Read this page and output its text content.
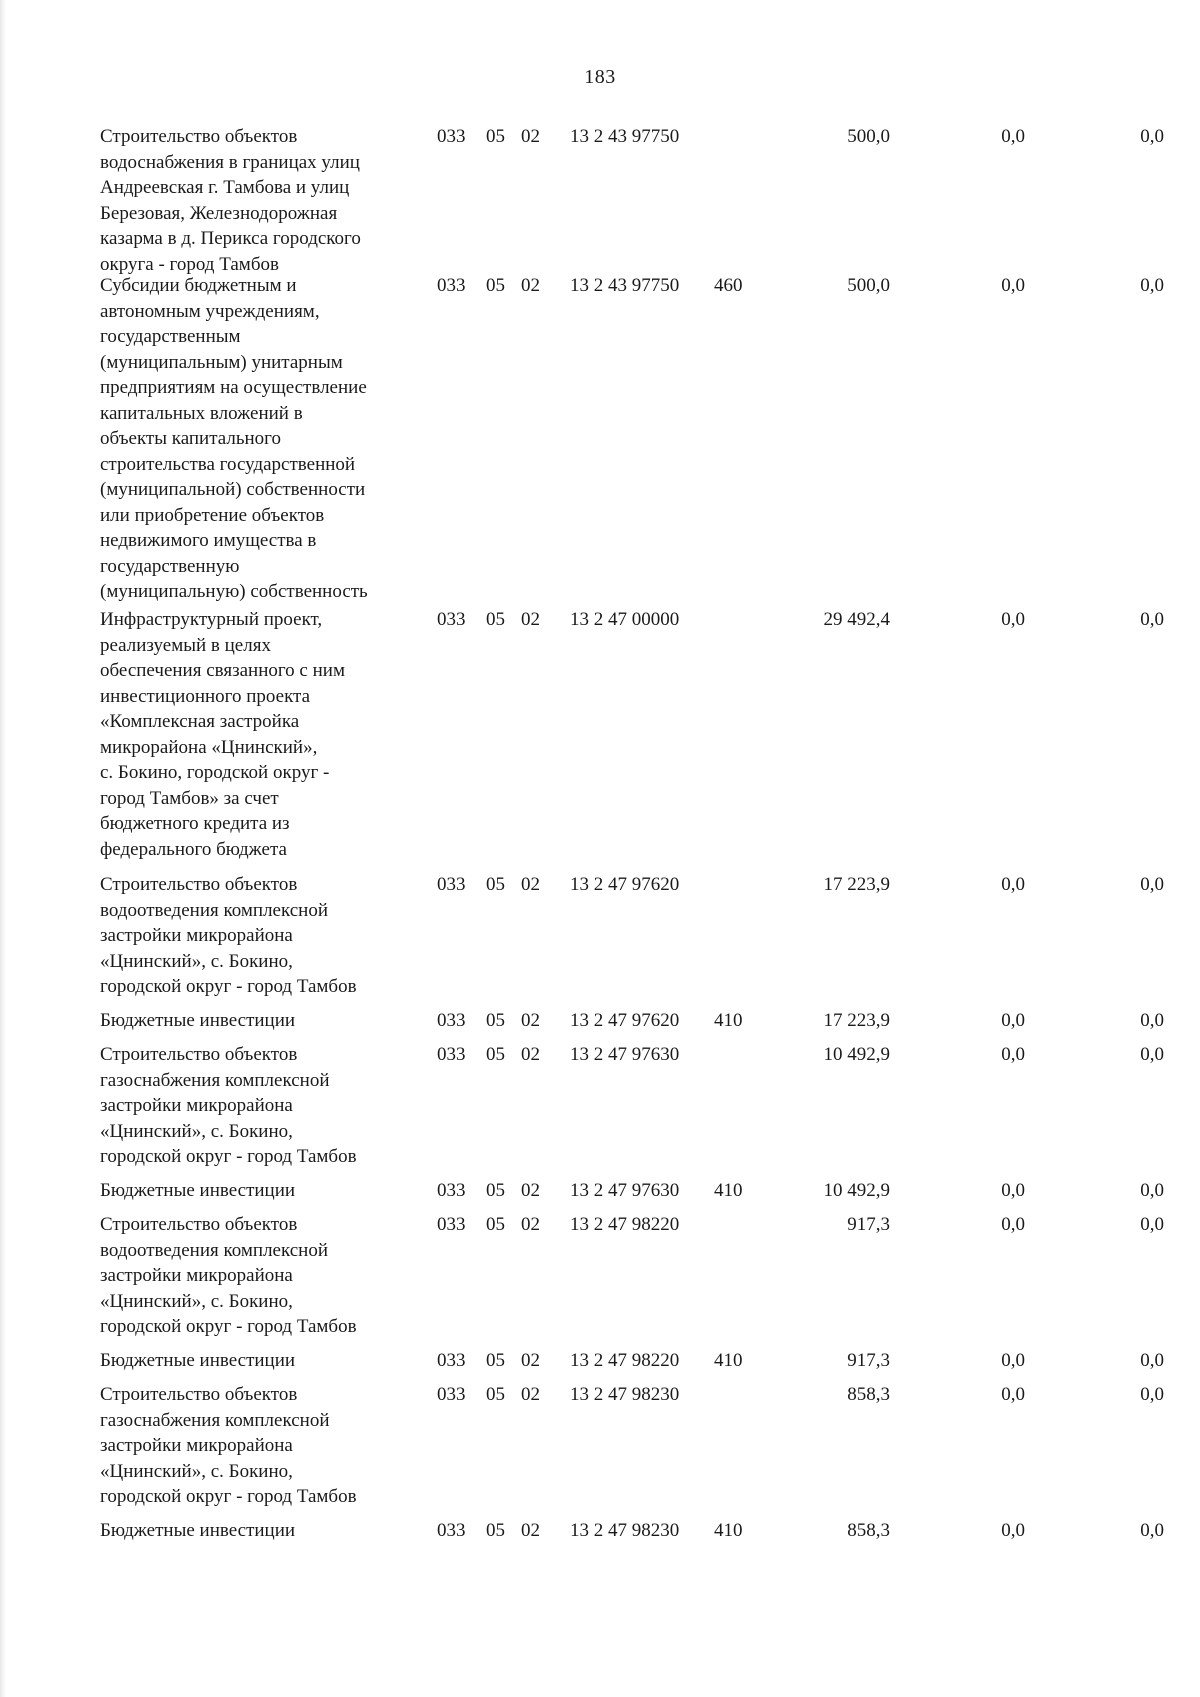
183
Строительство объектов
водоснабжения в границах улиц
Андреевская г. Тамбова и улиц
Березовая, Железнодорожная
казарма в д. Перикса городского
округа - город Тамбов
033 05 02 13 2 43 97750	500,0	0,0	0,0
Субсидии бюджетным и
автономным учреждениям,
государственным
(муниципальным) унитарным
предприятиям на осуществление
капитальных вложений в
объекты капитального
строительства государственной
(муниципальной) собственности
или приобретение объектов
недвижимого имущества в
государственную
(муниципальную) собственность
033 05 02 13 2 43 97750 460	500,0	0,0	0,0
Инфраструктурный проект,
реализуемый в целях
обеспечения связанного с ним
инвестиционного проекта
«Комплексная застройка
микрорайона «Цнинский»,
с. Бокино, городской округ -
город Тамбов» за счет
бюджетного кредита из
федерального бюджета
033 05 02 13 2 47 00000	29 492,4	0,0	0,0
Строительство объектов
водоотведения комплексной
застройки микрорайона
«Цнинский», с. Бокино,
городской округ - город Тамбов
033 05 02 13 2 47 97620	17 223,9	0,0	0,0
Бюджетные инвестиции	033 05 02 13 2 47 97620 410	17 223,9	0,0	0,0
Строительство объектов
газоснабжения комплексной
застройки микрорайона
«Цнинский», с. Бокино,
городской округ - город Тамбов
033 05 02 13 2 47 97630	10 492,9	0,0	0,0
Бюджетные инвестиции	033 05 02 13 2 47 97630 410	10 492,9	0,0	0,0
Строительство объектов
водоотведения комплексной
застройки микрорайона
«Цнинский», с. Бокино,
городской округ - город Тамбов
033 05 02 13 2 47 98220	917,3	0,0	0,0
Бюджетные инвестиции	033 05 02 13 2 47 98220 410	917,3	0,0	0,0
Строительство объектов
газоснабжения комплексной
застройки микрорайона
«Цнинский», с. Бокино,
городской округ - город Тамбов
033 05 02 13 2 47 98230	858,3	0,0	0,0
Бюджетные инвестиции	033 05 02 13 2 47 98230 410	858,3	0,0	0,0
